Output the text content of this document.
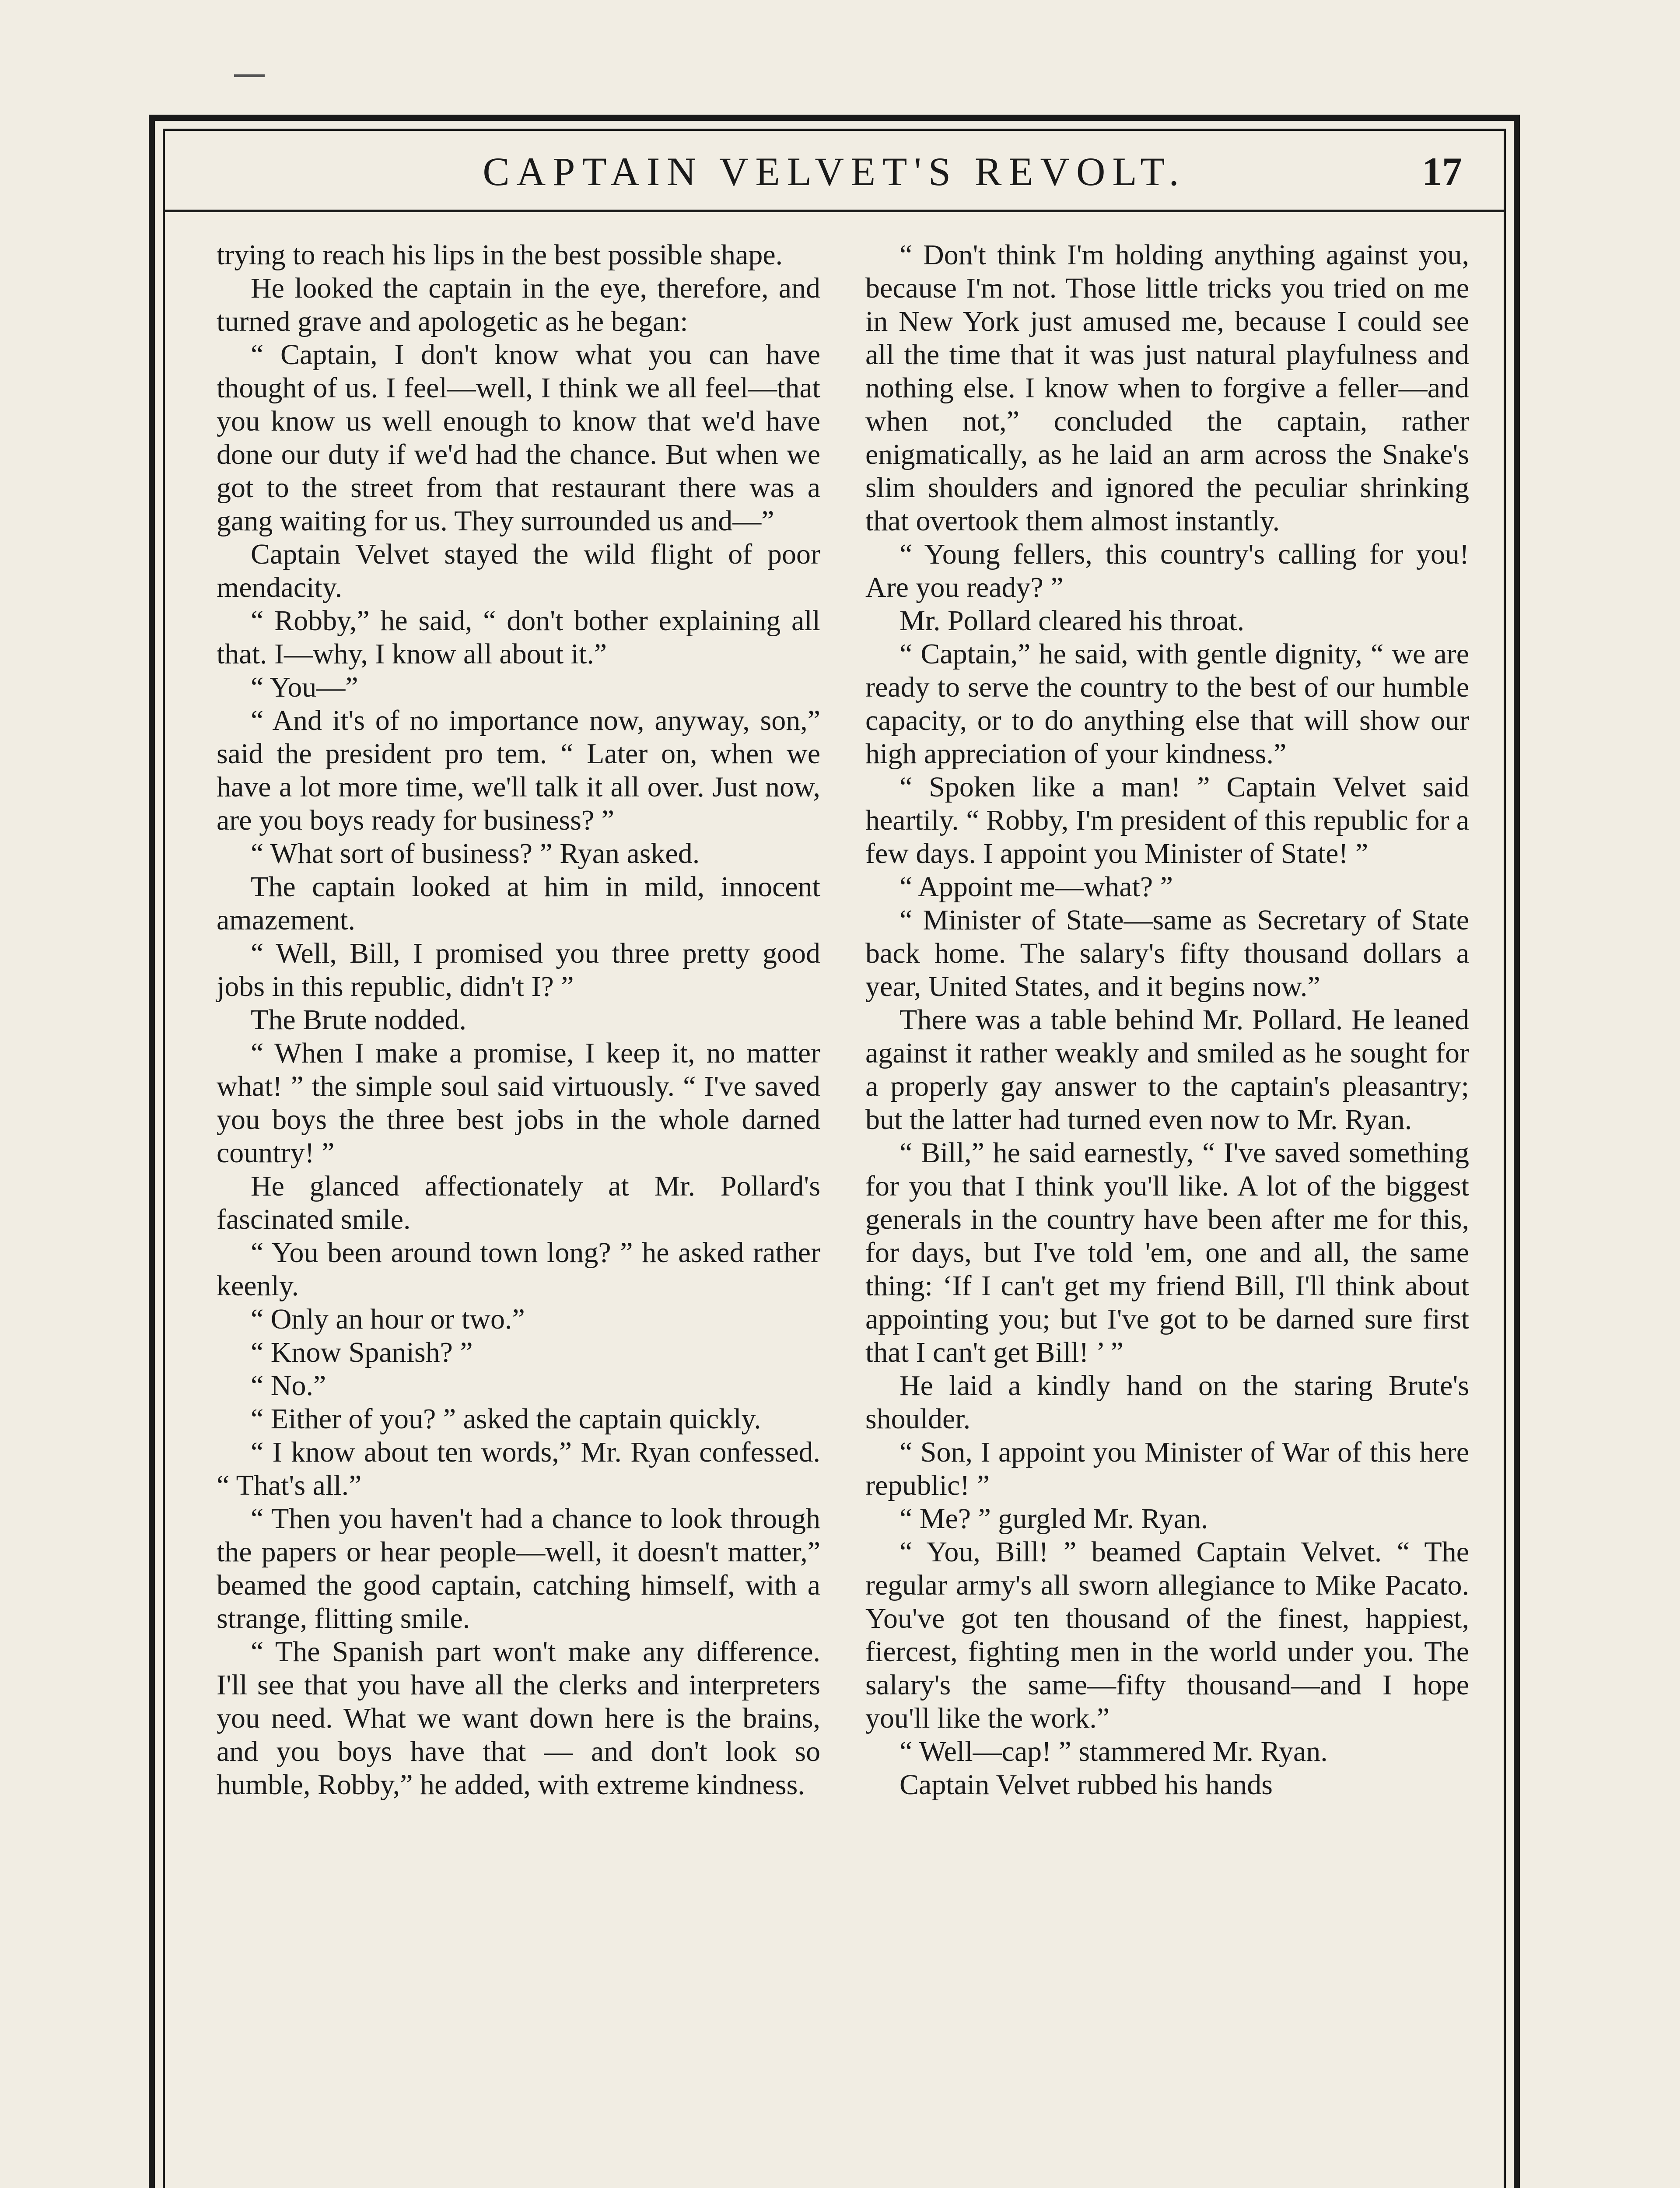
CAPTAIN VELVET'S REVOLT.	17

trying to reach his lips in the best possible shape.

He looked the captain in the eye, therefore, and turned grave and apologetic as he began:

“ Captain, I don't know what you can have thought of us. I feel—well, I think we all feel—that you know us well enough to know that we'd have done our duty if we'd had the chance. But when we got to the street from that restaurant there was a gang waiting for us. They surrounded us and—”

Captain Velvet stayed the wild flight of poor mendacity.

“ Robby,” he said, “ don't bother explaining all that. I—why, I know all about it.”

“ You—”

“ And it's of no importance now, anyway, son,” said the president pro tem. “ Later on, when we have a lot more time, we'll talk it all over. Just now, are you boys ready for business? ”

“ What sort of business? ” Ryan asked.

The captain looked at him in mild, innocent amazement.

“ Well, Bill, I promised you three pretty good jobs in this republic, didn't I? ”

The Brute nodded.

“ When I make a promise, I keep it, no matter what! ” the simple soul said virtuously. “ I've saved you boys the three best jobs in the whole darned country! ”

He glanced affectionately at Mr. Pollard's fascinated smile.

“ You been around town long? ” he asked rather keenly.

“ Only an hour or two.”

“ Know Spanish? ”

“ No.”

“ Either of you? ” asked the captain quickly.

“ I know about ten words,” Mr. Ryan confessed. “ That's all.”

“ Then you haven't had a chance to look through the papers or hear people—well, it doesn't matter,” beamed the good captain, catching himself, with a strange, flitting smile.

“ The Spanish part won't make any difference. I'll see that you have all the clerks and interpreters you need. What we want down here is the brains, and you boys have that — and don't look so humble, Robby,” he added, with extreme kindness.

“ Don't think I'm holding anything against you, because I'm not. Those little tricks you tried on me in New York just amused me, because I could see all the time that it was just natural playfulness and nothing else. I know when to forgive a feller—and when not,” concluded the captain, rather enigmatically, as he laid an arm across the Snake's slim shoulders and ignored the peculiar shrinking that overtook them almost instantly.

“ Young fellers, this country's calling for you! Are you ready? ”

Mr. Pollard cleared his throat.

“ Captain,” he said, with gentle dignity, “ we are ready to serve the country to the best of our humble capacity, or to do anything else that will show our high appreciation of your kindness.”

“ Spoken like a man! ” Captain Velvet said heartily. “ Robby, I'm president of this republic for a few days. I appoint you Minister of State! ”

“ Appoint me—what? ”

“ Minister of State—same as Secretary of State back home. The salary's fifty thousand dollars a year, United States, and it begins now.”

There was a table behind Mr. Pollard. He leaned against it rather weakly and smiled as he sought for a properly gay answer to the captain's pleasantry; but the latter had turned even now to Mr. Ryan.

“ Bill,” he said earnestly, “ I've saved something for you that I think you'll like. A lot of the biggest generals in the country have been after me for this, for days, but I've told 'em, one and all, the same thing: ‘If I can't get my friend Bill, I'll think about appointing you; but I've got to be darned sure first that I can't get Bill! ’ ”

He laid a kindly hand on the staring Brute's shoulder.

“ Son, I appoint you Minister of War of this here republic! ”

“ Me? ” gurgled Mr. Ryan.

“ You, Bill! ” beamed Captain Velvet. “ The regular army's all sworn allegiance to Mike Pacato. You've got ten thousand of the finest, happiest, fiercest, fighting men in the world under you. The salary's the same—fifty thousand—and I hope you'll like the work.”

“ Well—cap! ” stammered Mr. Ryan.

Captain Velvet rubbed his hands
